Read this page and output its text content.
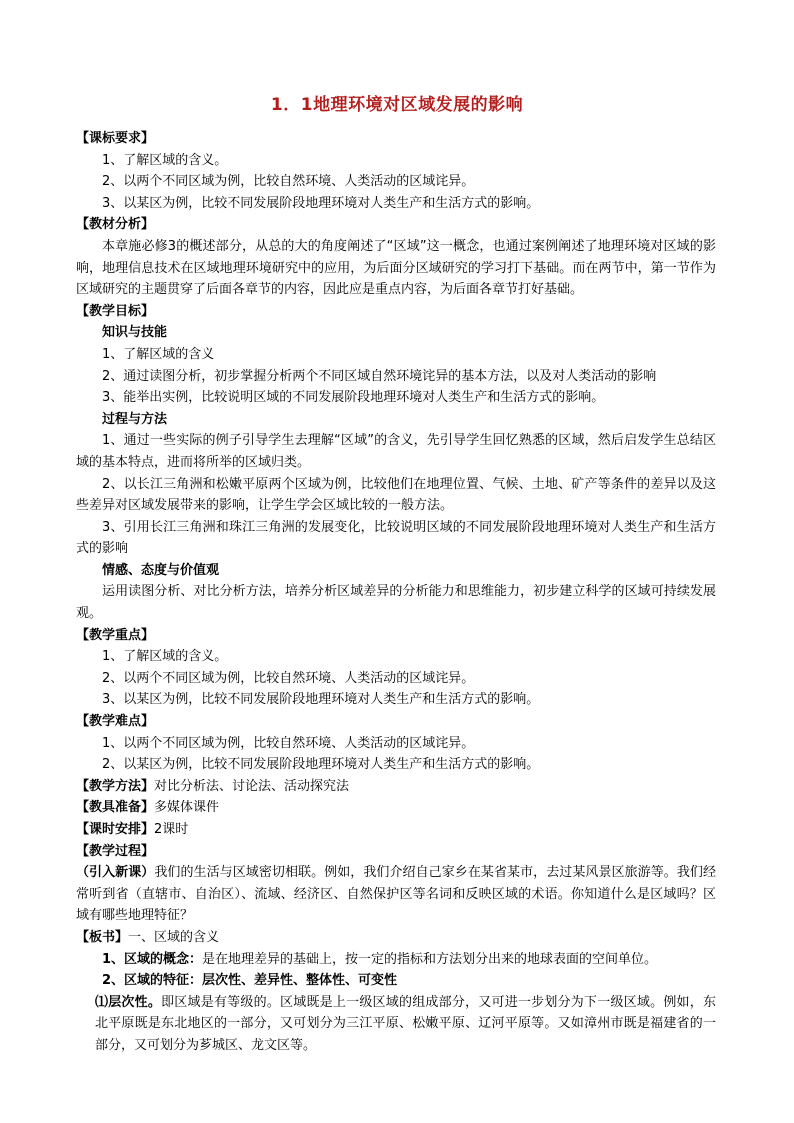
1．1地理环境对区域发展的影响
【课标要求】
1、了解区域的含义。
2、以两个不同区域为例，比较自然环境、人类活动的区域诧异。
3、以某区为例，比较不同发展阶段地理环境对人类生产和生活方式的影响。
【教材分析】
本章施必修3的概述部分，从总的大的角度阐述了“区域”这一概念，也通过案例阐述了地理环境对区域的影响，地理信息技术在区域地理环境研究中的应用，为后面分区域研究的学习打下基础。而在两节中，第一节作为区域研究的主题贯穿了后面各章节的内容，因此应是重点内容，为后面各章节打好基础。
【教学目标】
知识与技能
1、了解区域的含义
2、通过读图分析，初步掌握分析两个不同区域自然环境诧异的基本方法，以及对人类活动的影响
3、能举出实例，比较说明区域的不同发展阶段地理环境对人类生产和生活方式的影响。
过程与方法
1、通过一些实际的例子引导学生去理解“区域”的含义，先引导学生回忆熟悉的区域，然后启发学生总结区域的基本特点，进而将所举的区域归类。
2、以长江三角洲和松嫩平原两个区域为例，比较他们在地理位置、气候、土地、矿产等条件的差异以及这些差异对区域发展带来的影响，让学生学会区域比较的一般方法。
3、引用长江三角洲和珠江三角洲的发展变化，比较说明区域的不同发展阶段地理环境对人类生产和生活方式的影响
情感、态度与价值观
运用读图分析、对比分析方法，培养分析区域差异的分析能力和思维能力，初步建立科学的区域可持续发展观。
【教学重点】
1、了解区域的含义。
2、以两个不同区域为例，比较自然环境、人类活动的区域诧异。
3、以某区为例，比较不同发展阶段地理环境对人类生产和生活方式的影响。
【教学难点】
1、以两个不同区域为例，比较自然环境、人类活动的区域诧异。
2、以某区为例，比较不同发展阶段地理环境对人类生产和生活方式的影响。
【教学方法】对比分析法、讨论法、活动探究法
【教具准备】多媒体课件
【课时安排】2课时
【教学过程】
（引入新课）我们的生活与区域密切相联。例如，我们介绍自己家乡在某省某市，去过某风景区旅游等。我们经常听到省（直辖市、自治区）、流域、经济区、自然保护区等名词和反映区域的术语。你知道什么是区域吗？区域有哪些地理特征？
【板书】一、区域的含义
1、区域的概念：是在地理差异的基础上，按一定的指标和方法划分出来的地球表面的空间单位。
2、区域的特征：层次性、差异性、整体性、可变性
⑴层次性。即区域是有等级的。区域既是上一级区域的组成部分，又可进一步划分为下一级区域。例如，东北平原既是东北地区的一部分，又可划分为三江平原、松嫩平原、辽河平原等。又如漳州市既是福建省的一部分，又可划分为芗城区、龙文区等。
